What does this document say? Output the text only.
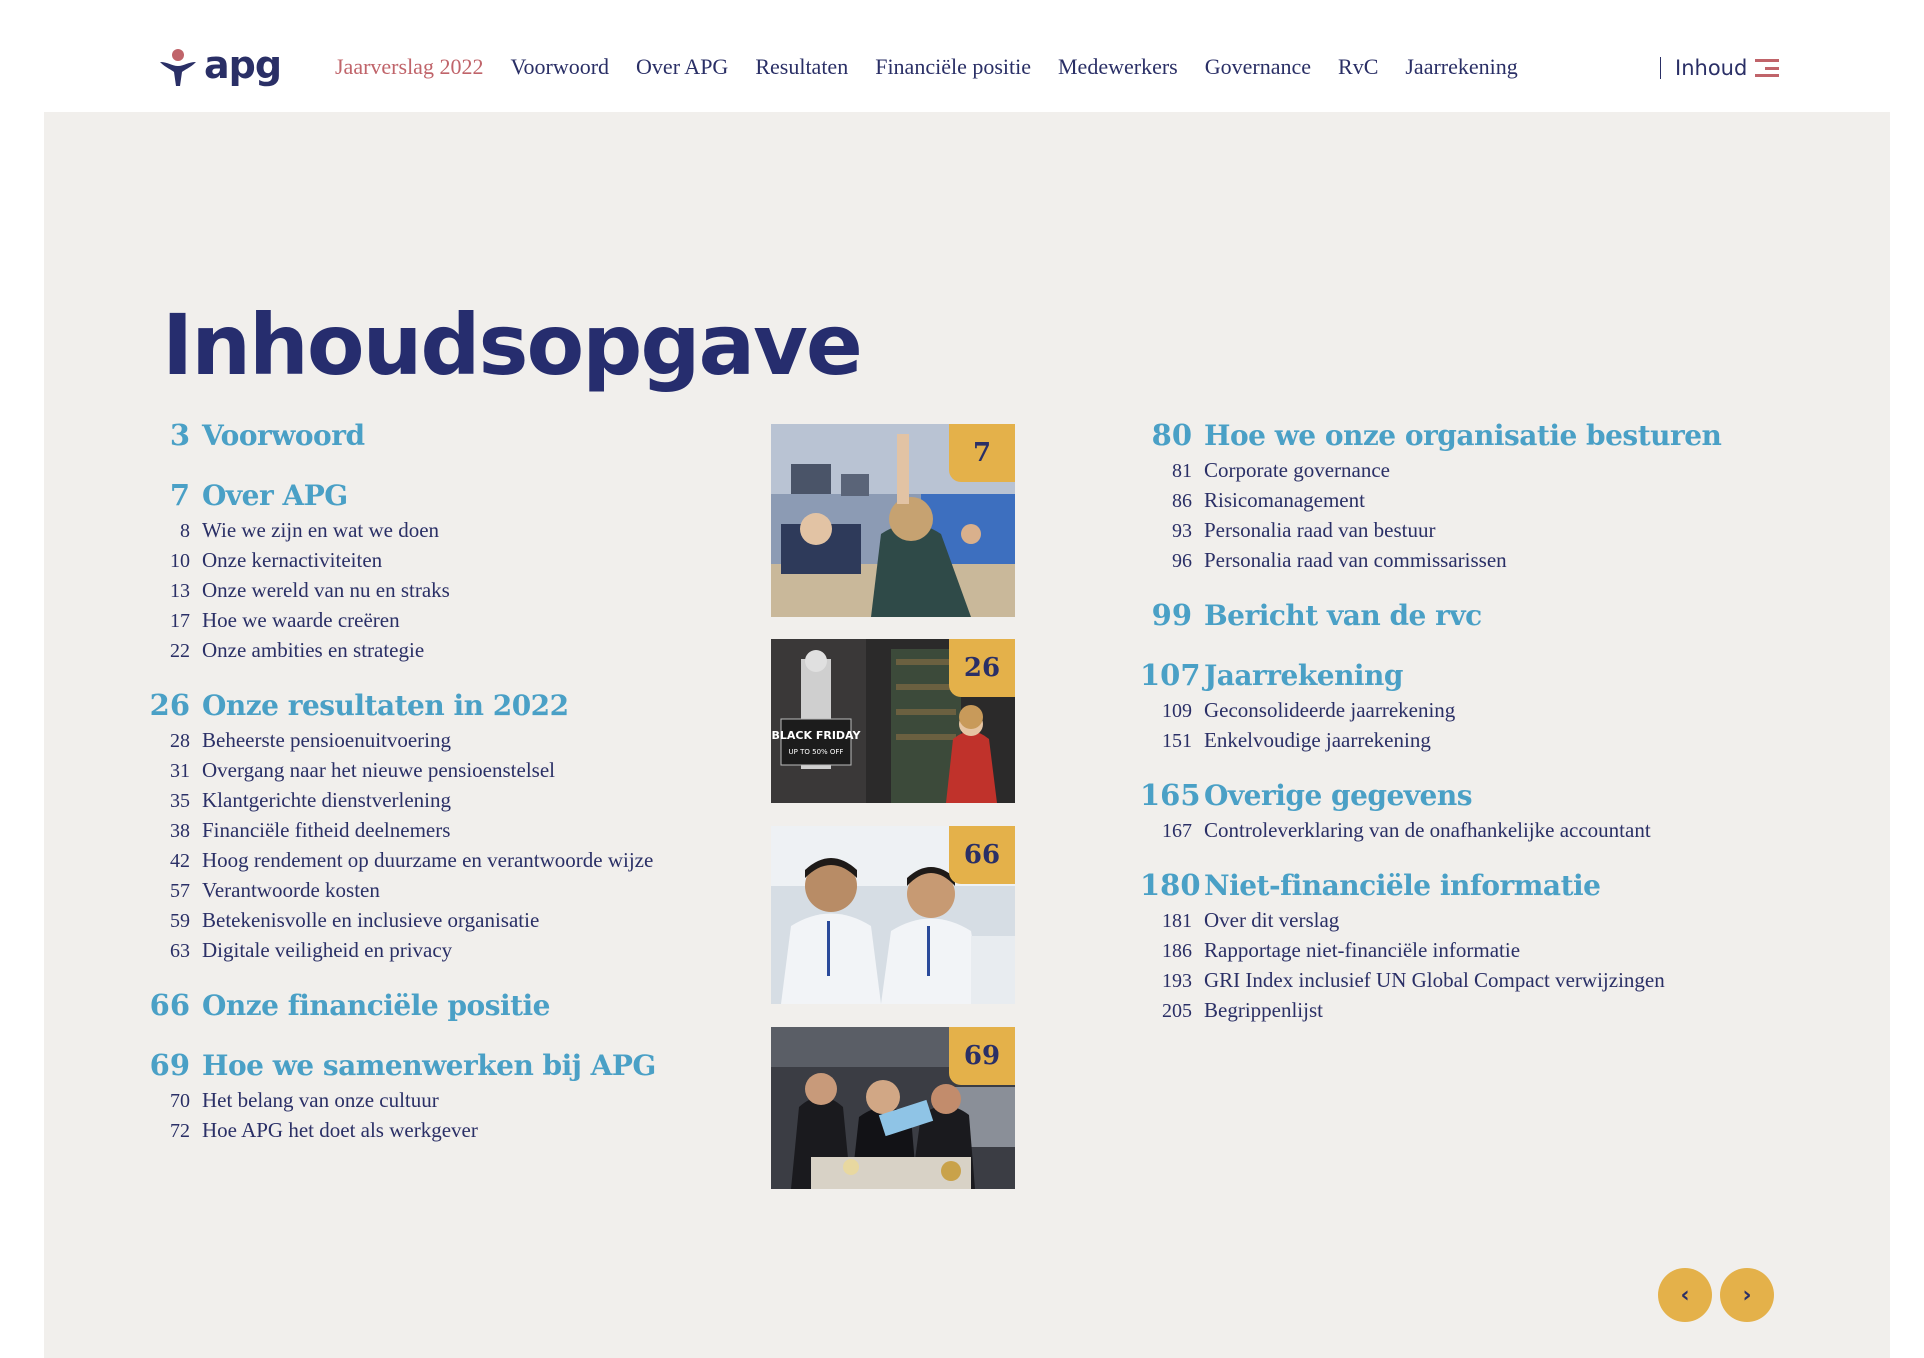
apg Jaarverslag 2022 Voorwoord Over APG Resultaten Financiële positie Medewerkers Governance RvC Jaarrekening	Inhoud
Inhoudsopgave
3 Voorwoord
7 Over APG
8 Wie we zijn en wat we doen
10 Onze kernactiviteiten
13 Onze wereld van nu en straks
17 Hoe we waarde creëren
22 Onze ambities en strategie
26 Onze resultaten in 2022
28 Beheerste pensioenuitvoering
31 Overgang naar het nieuwe pensioenstelsel
35 Klantgerichte dienstverlening
38 Financiële fitheid deelnemers
42 Hoog rendement op duurzame en verantwoorde wijze
57 Verantwoorde kosten
59 Betekenisvolle en inclusieve organisatie
63 Digitale veiligheid en privacy
66 Onze financiële positie
69 Hoe we samenwerken bij APG
70 Het belang van onze cultuur
72 Hoe APG het doet als werkgever
80 Hoe we onze organisatie besturen
81 Corporate governance
86 Risicomanagement
93 Personalia raad van bestuur
96 Personalia raad van commissarissen
99 Bericht van de rvc
107 Jaarrekening
109 Geconsolideerde jaarrekening
151 Enkelvoudige jaarrekening
165 Overige gegevens
167 Controleverklaring van de onafhankelijke accountant
180 Niet-financiële informatie
181 Over dit verslag
186 Rapportage niet-financiële informatie
193 GRI Index inclusief UN Global Compact verwijzingen
205 Begrippenlijst
7
BLACK FRIDAY
UP TO 50% OFF
26
66
69
‹	›
